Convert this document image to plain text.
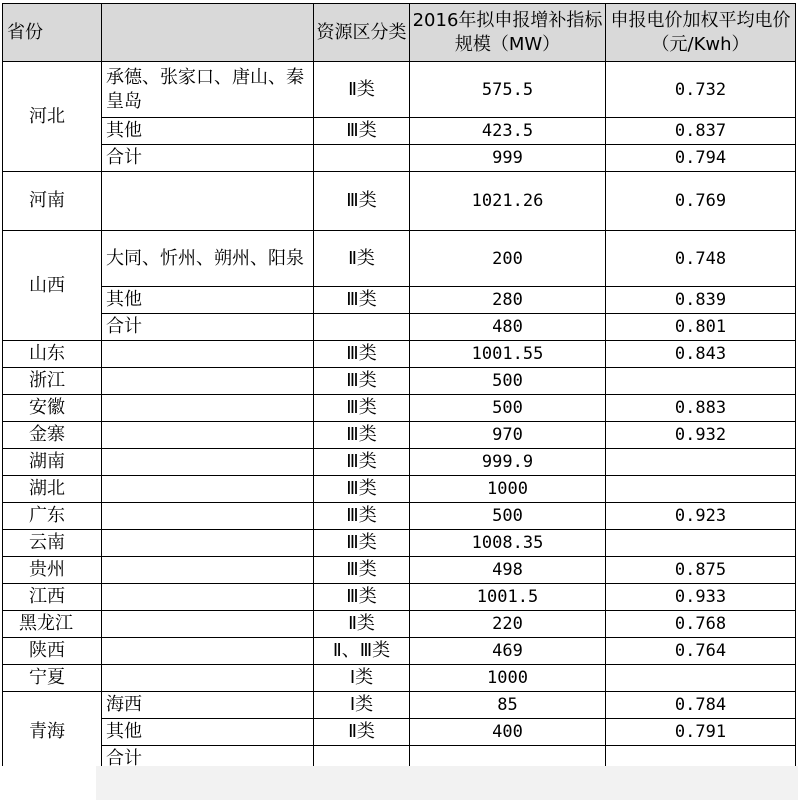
省份		资源区分类	2016年拟申报增补指标规模（MW）	申报电价加权平均电价（元/Kwh）
河北	承德、张家口、唐山、秦皇岛	Ⅱ类	575.5	0.732
	其他	Ⅲ类	423.5	0.837
	合计		999	0.794
河南		Ⅲ类	1021.26	0.769
山西	大同、忻州、朔州、阳泉	Ⅱ类	200	0.748
	其他	Ⅲ类	280	0.839
	合计		480	0.801
山东		Ⅲ类	1001.55	0.843
浙江		Ⅲ类	500	
安徽		Ⅲ类	500	0.883
金寨		Ⅲ类	970	0.932
湖南		Ⅲ类	999.9	
湖北		Ⅲ类	1000	
广东		Ⅲ类	500	0.923
云南		Ⅲ类	1008.35	
贵州		Ⅲ类	498	0.875
江西		Ⅲ类	1001.5	0.933
黑龙江		Ⅱ类	220	0.768
陕西		Ⅱ、Ⅲ类	469	0.764
宁夏		Ⅰ类	1000	
青海	海西	Ⅰ类	85	0.784
	其他	Ⅱ类	400	0.791
	合计			
